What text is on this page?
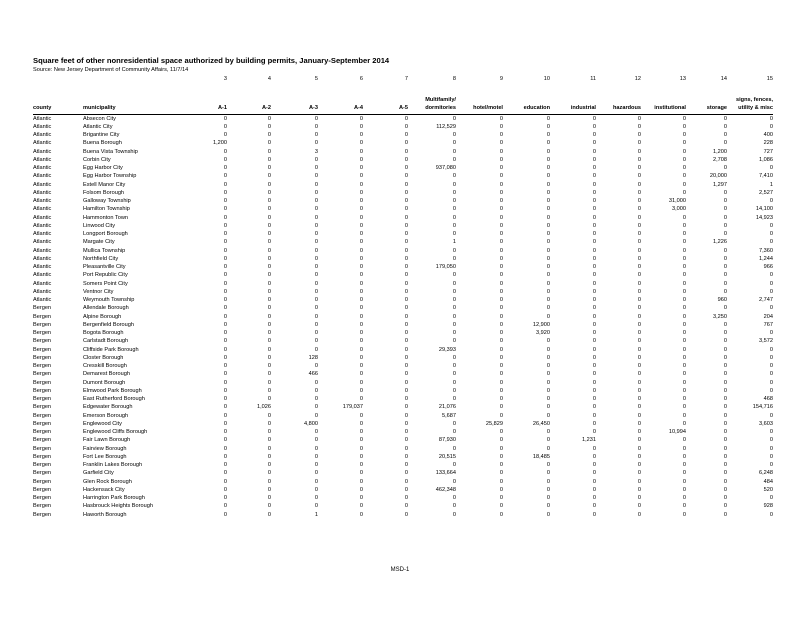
Square feet of other nonresidential space authorized by building permits, January-September 2014
Source: New Jersey Department of Community Affairs, 11/7/14
		3	4	5	6	7	8	9	10	11	12	13	14	15

							Multifamily/							signs, fences,
county	municipality	A-1	A-2	A-3	A-4	A-5	dormitories	hotel/motel	education	industrial	hazardous	institutional	storage	utility & misc
Atlantic	Absecon City	0	0	0	0	0	0	0	0	0	0	0	0	0
Atlantic	Atlantic City	0	0	0	0	0	112,529	0	0	0	0	0	0	0
Atlantic	Brigantine City	0	0	0	0	0	0	0	0	0	0	0	0	400
Atlantic	Buena Borough	1,200	0	0	0	0	0	0	0	0	0	0	0	228
Atlantic	Buena Vista Township	0	0	3	0	0	0	0	0	0	0	0	1,200	727
Atlantic	Corbin City	0	0	0	0	0	0	0	0	0	0	0	2,708	1,086
Atlantic	Egg Harbor City	0	0	0	0	0	937,080	0	0	0	0	0	0	0
Atlantic	Egg Harbor Township	0	0	0	0	0	0	0	0	0	0	0	20,000	7,410
Atlantic	Estell Manor City	0	0	0	0	0	0	0	0	0	0	0	1,297	1
Atlantic	Folsom Borough	0	0	0	0	0	0	0	0	0	0	0	0	2,527
Atlantic	Galloway Township	0	0	0	0	0	0	0	0	0	0	31,000	0	0
Atlantic	Hamilton Township	0	0	0	0	0	0	0	0	0	0	3,000	0	14,100
Atlantic	Hammonton Town	0	0	0	0	0	0	0	0	0	0	0	0	14,923
Atlantic	Linwood City	0	0	0	0	0	0	0	0	0	0	0	0	0
Atlantic	Longport Borough	0	0	0	0	0	0	0	0	0	0	0	0	0
Atlantic	Margate City	0	0	0	0	0	1	0	0	0	0	0	1,226	0
Atlantic	Mullica Township	0	0	0	0	0	0	0	0	0	0	0	0	7,360
Atlantic	Northfield City	0	0	0	0	0	0	0	0	0	0	0	0	1,244
Atlantic	Pleasantville City	0	0	0	0	0	179,050	0	0	0	0	0	0	966
Atlantic	Port Republic City	0	0	0	0	0	0	0	0	0	0	0	0	0
Atlantic	Somers Point City	0	0	0	0	0	0	0	0	0	0	0	0	0
Atlantic	Ventnor City	0	0	0	0	0	0	0	0	0	0	0	0	0
Atlantic	Weymouth Township	0	0	0	0	0	0	0	0	0	0	0	960	2,747
Bergen	Allendale Borough	0	0	0	0	0	0	0	0	0	0	0	0	0
Bergen	Alpine Borough	0	0	0	0	0	0	0	0	0	0	0	3,250	204
Bergen	Bergenfield Borough	0	0	0	0	0	0	0	12,900	0	0	0	0	767
Bergen	Bogota Borough	0	0	0	0	0	0	0	3,920	0	0	0	0	0
Bergen	Carlstadt Borough	0	0	0	0	0	0	0	0	0	0	0	0	3,572
Bergen	Cliffside Park Borough	0	0	0	0	0	29,393	0	0	0	0	0	0	0
Bergen	Closter Borough	0	0	128	0	0	0	0	0	0	0	0	0	0
Bergen	Cresskill Borough	0	0	0	0	0	0	0	0	0	0	0	0	0
Bergen	Demarest Borough	0	0	466	0	0	0	0	0	0	0	0	0	0
Bergen	Dumont Borough	0	0	0	0	0	0	0	0	0	0	0	0	0
Bergen	Elmwood Park Borough	0	0	0	0	0	0	0	0	0	0	0	0	0
Bergen	East Rutherford Borough	0	0	0	0	0	0	0	0	0	0	0	0	468
Bergen	Edgewater Borough	0	1,026	0	179,037	0	21,076	0	0	0	0	0	0	154,716
Bergen	Emerson Borough	0	0	0	0	0	5,687	0	0	0	0	0	0	0
Bergen	Englewood City	0	0	4,800	0	0	0	25,829	26,450	0	0	0	0	3,603
Bergen	Englewood Cliffs Borough	0	0	0	0	0	0	0	0	0	0	10,994	0	0
Bergen	Fair Lawn Borough	0	0	0	0	0	87,930	0	0	1,231	0	0	0	0
Bergen	Fairview Borough	0	0	0	0	0	0	0	0	0	0	0	0	0
Bergen	Fort Lee Borough	0	0	0	0	0	20,515	0	18,485	0	0	0	0	0
Bergen	Franklin Lakes Borough	0	0	0	0	0	0	0	0	0	0	0	0	0
Bergen	Garfield City	0	0	0	0	0	133,664	0	0	0	0	0	0	6,248
Bergen	Glen Rock Borough	0	0	0	0	0	0	0	0	0	0	0	0	484
Bergen	Hackensack City	0	0	0	0	0	462,348	0	0	0	0	0	0	520
Bergen	Harrington Park Borough	0	0	0	0	0	0	0	0	0	0	0	0	0
Bergen	Hasbrouck Heights Borough	0	0	0	0	0	0	0	0	0	0	0	0	928
Bergen	Haworth Borough	0	0	1	0	0	0	0	0	0	0	0	0	0
MSD-1
